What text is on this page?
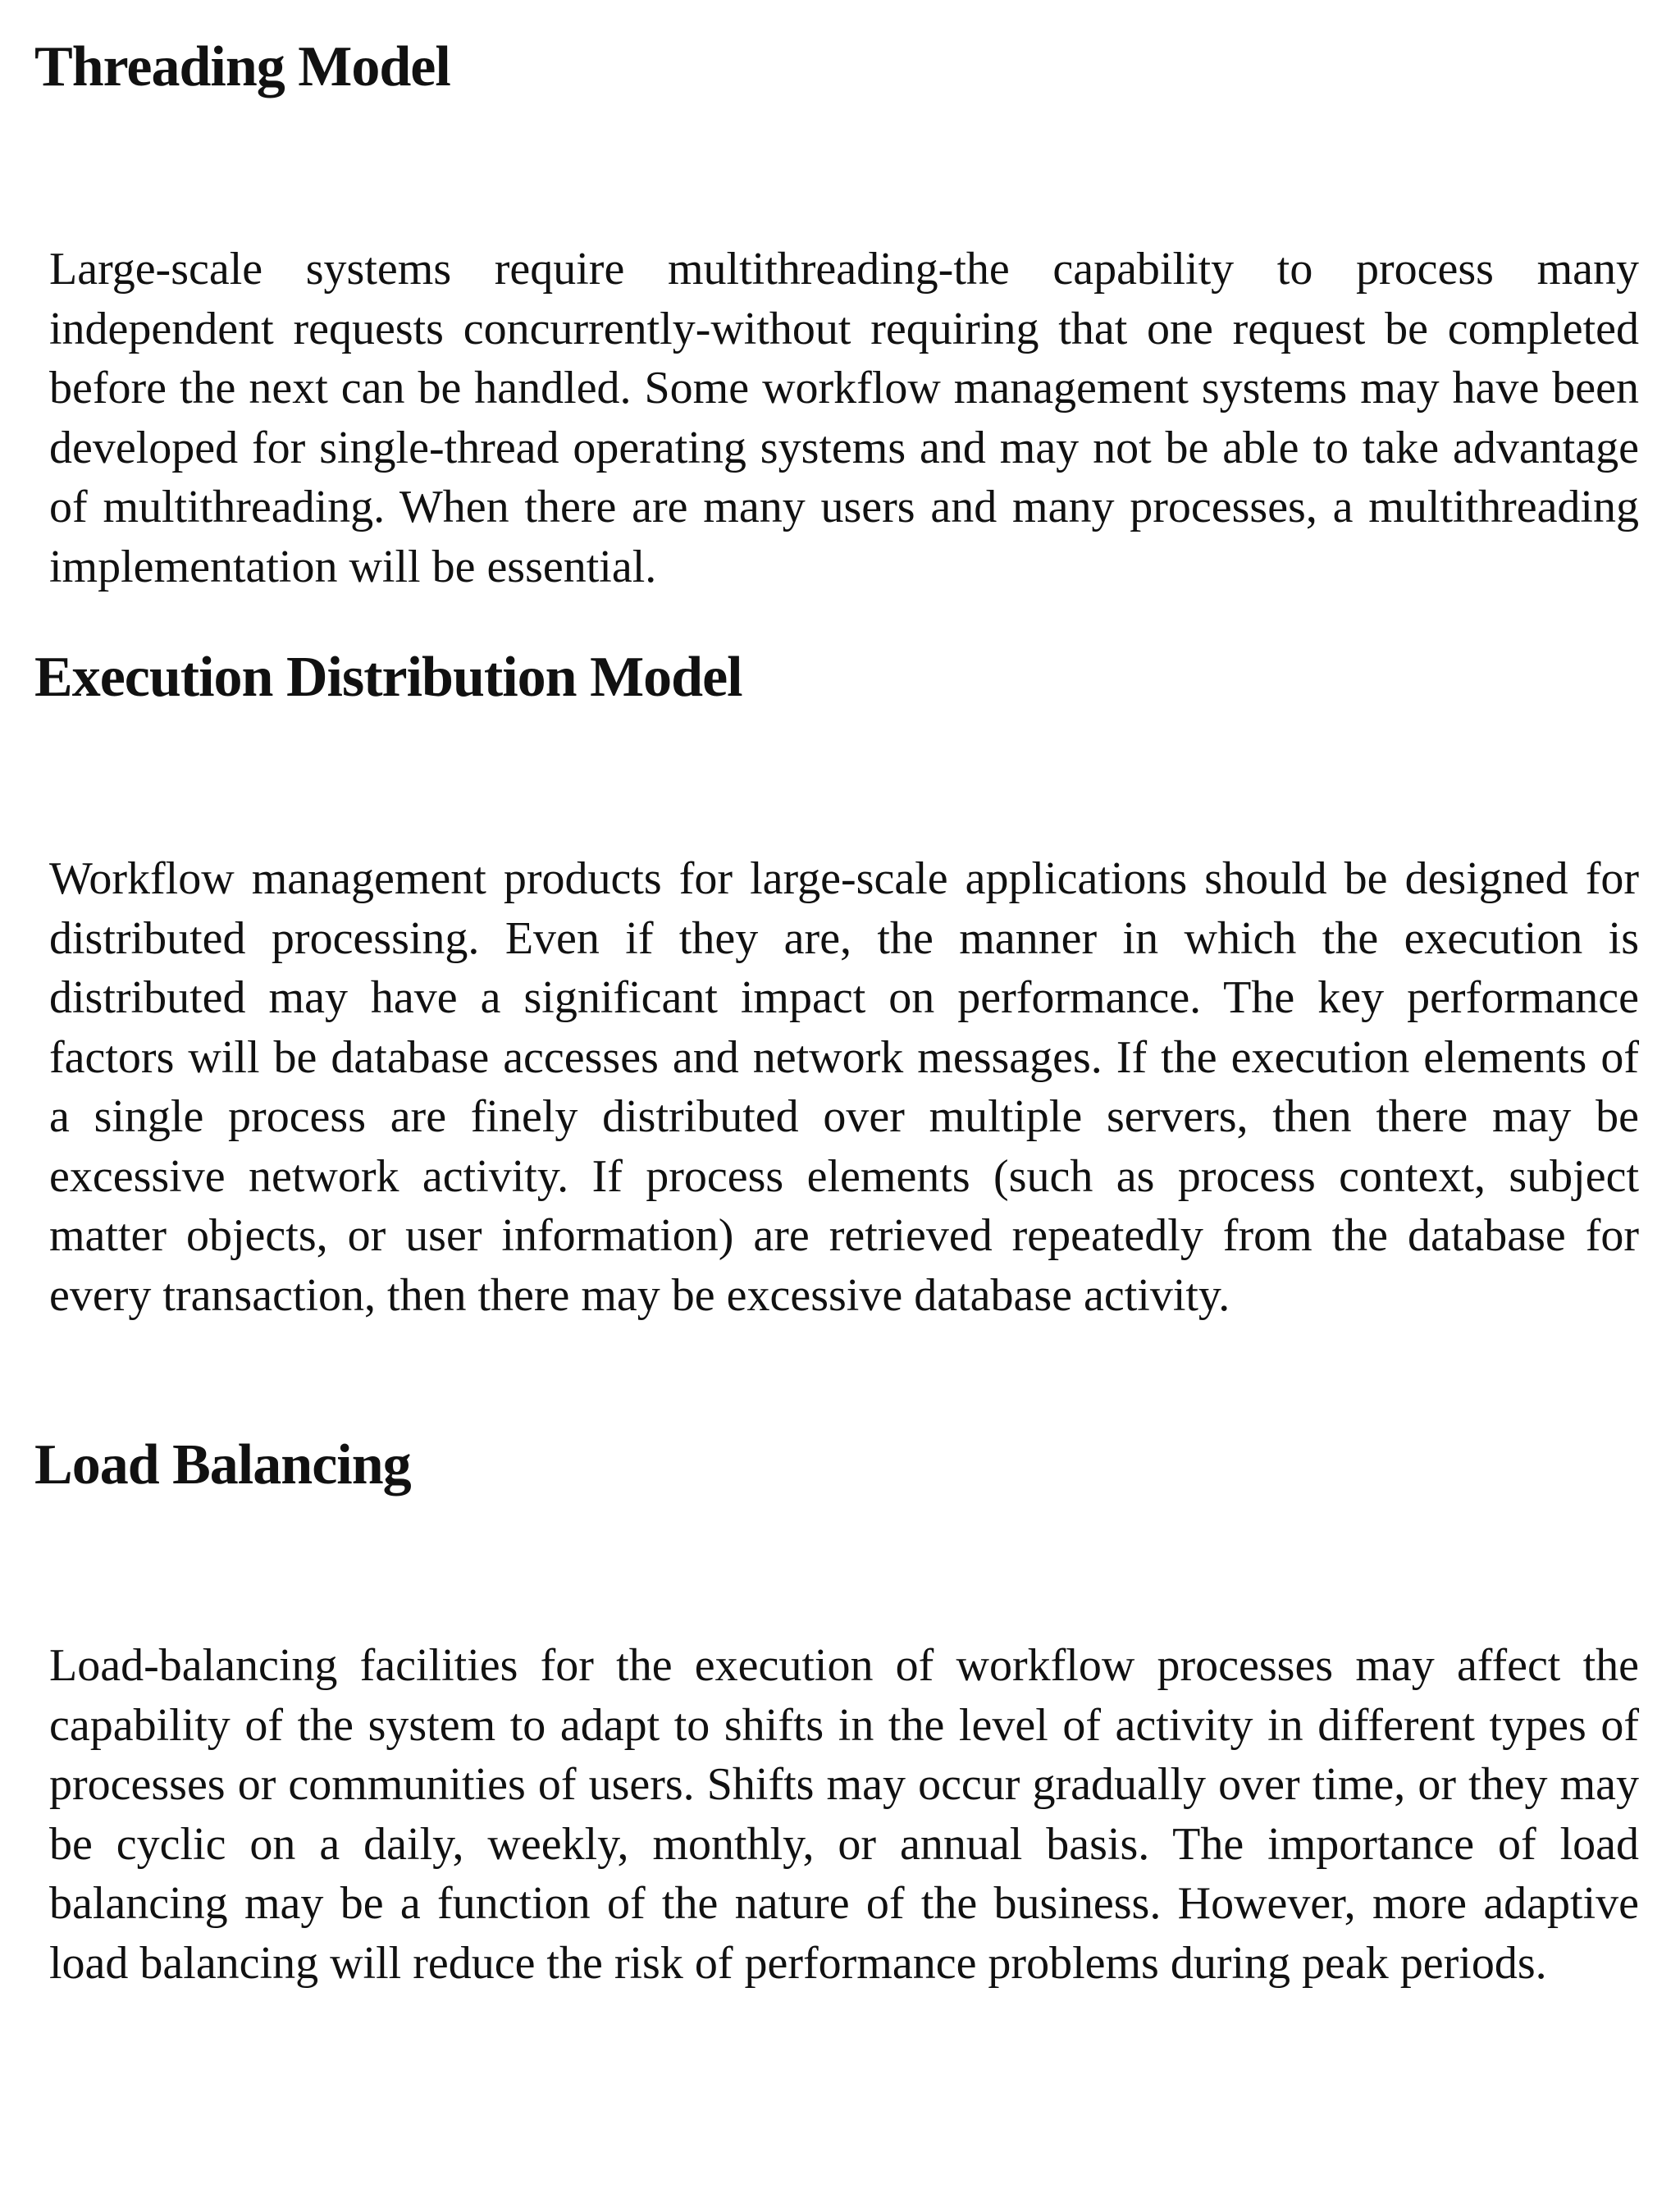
Threading Model

Large-scale systems require multithreading-the capability to process many independent requests concurrently-without requiring that one request be completed before the next can be handled. Some workflow management systems may have been developed for single-thread operating systems and may not be able to take advantage of multithreading. When there are many users and many processes, a multithreading implementation will be essential.

Execution Distribution Model

Workflow management products for large-scale applications should be designed for distributed processing. Even if they are, the manner in which the execution is distributed may have a significant impact on performance. The key performance factors will be database accesses and network messages. If the execution elements of a single process are finely distributed over multiple servers, then there may be excessive network activity. If process elements (such as process context, subject matter objects, or user information) are retrieved repeatedly from the database for every transaction, then there may be excessive database activity.

Load Balancing

Load-balancing facilities for the execution of workflow processes may affect the capability of the system to adapt to shifts in the level of activity in different types of processes or communities of users. Shifts may occur gradually over time, or they may be cyclic on a daily, weekly, monthly, or annual basis. The importance of load balancing may be a function of the nature of the business. However, more adaptive load balancing will reduce the risk of performance problems during peak periods.
